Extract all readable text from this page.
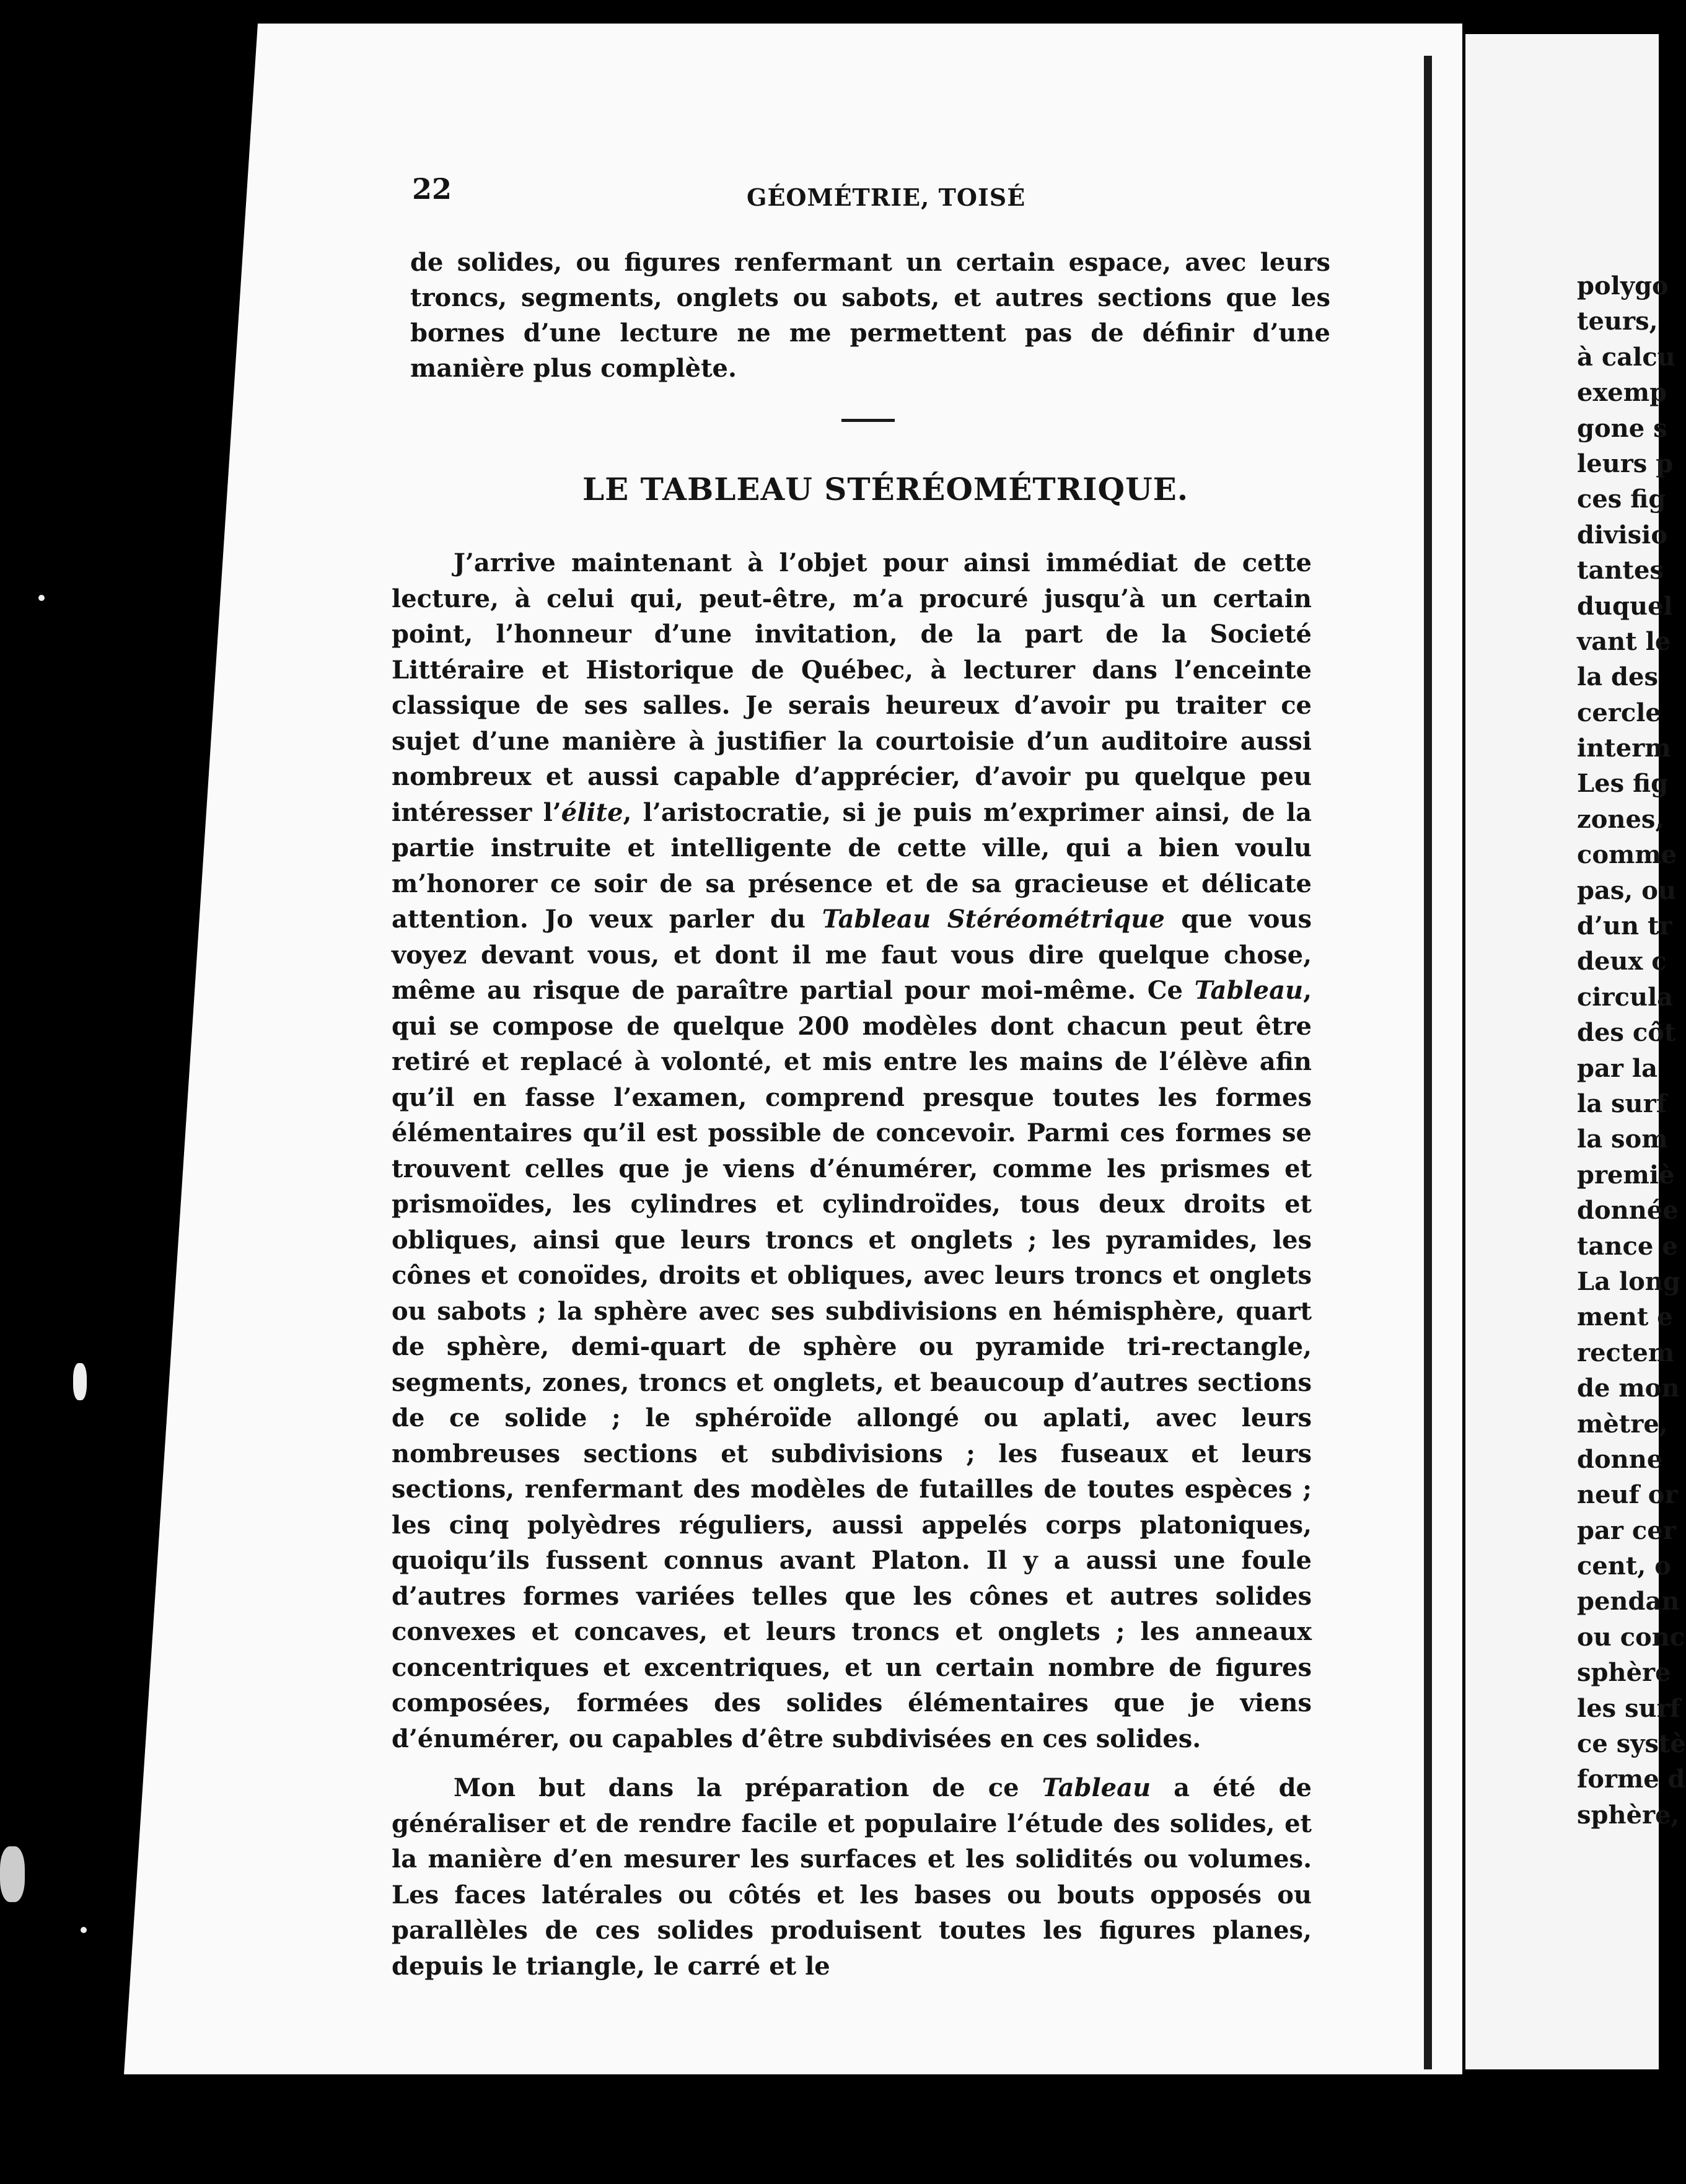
22	GÉOMÉTRIE, TOISÉ

de solides, ou figures renfermant un certain espace, avec leurs troncs, segments, onglets ou sabots, et autres sections que les bornes d’une lecture ne me permettent pas de définir d’une manière plus complète.

LE TABLEAU STÉRÉOMÉTRIQUE.

J’arrive maintenant à l’objet pour ainsi immédiat de cette lecture, à celui qui, peut-être, m’a procuré jusqu’à un certain point, l’honneur d’une invitation, de la part de la Societé Littéraire et Historique de Québec, à lecturer dans l’enceinte classique de ses salles. Je serais heureux d’avoir pu traiter ce sujet d’une manière à justifier la courtoisie d’un auditoire aussi nombreux et aussi capable d’apprécier, d’avoir pu quelque peu intéresser l’élite, l’aristocratie, si je puis m’exprimer ainsi, de la partie instruite et intelligente de cette ville, qui a bien voulu m’honorer ce soir de sa présence et de sa gracieuse et délicate attention. Jo veux parler du Tableau Stéréométrique que vous voyez devant vous, et dont il me faut vous dire quelque chose, même au risque de paraître partial pour moi-même. Ce Tableau, qui se compose de quelque 200 modèles dont chacun peut être retiré et replacé à volonté, et mis entre les mains de l’élève afin qu’il en fasse l’examen, comprend presque toutes les formes élémentaires qu’il est possible de concevoir. Parmi ces formes se trouvent celles que je viens d’énumérer, comme les prismes et prismoïdes, les cylindres et cylindroïdes, tous deux droits et obliques, ainsi que leurs troncs et onglets ; les pyramides, les cônes et conoïdes, droits et obliques, avec leurs troncs et onglets ou sabots ; la sphère avec ses subdivisions en hémisphère, quart de sphère, demi-quart de sphère ou pyramide tri-rectangle, segments, zones, troncs et onglets, et beaucoup d’autres sections de ce solide ; le sphéroïde allongé ou aplati, avec leurs nombreuses sections et subdivisions ; les fuseaux et leurs sections, renfermant des modèles de futailles de toutes espèces ; les cinq polyèdres réguliers, aussi appelés corps platoniques, quoiqu’ils fussent connus avant Platon. Il y a aussi une foule d’autres formes variées telles que les cônes et autres solides convexes et concaves, et leurs troncs et onglets ; les anneaux concentriques et excentriques, et un certain nombre de figures composées, formées des solides élémentaires que je viens d’énumérer, ou capables d’être subdivisées en ces solides.

Mon but dans la préparation de ce Tableau a été de généraliser et de rendre facile et populaire l’étude des solides, et la manière d’en mesurer les surfaces et les solidités ou volumes. Les faces latérales ou côtés et les bases ou bouts opposés ou parallèles de ces solides produisent toutes les figures planes, depuis le triangle, le carré et le

polygo
teurs,
à calcu
exemp
gone s
leurs p
ces fig
divisio
tantes
duquel
vant le
la des
cercle
interm
Les fig
zones,
comme
pas, ou
d’un tr
deux c
circula
des côt
par la
la surf
la som
premiè
donnée
tance e
La long
ment e
rectem
de mon
mètre,
donne
neuf or
par cer
cent, o
pendan
ou conc
sphère
les surf
ce systè
forme d
sphère,
